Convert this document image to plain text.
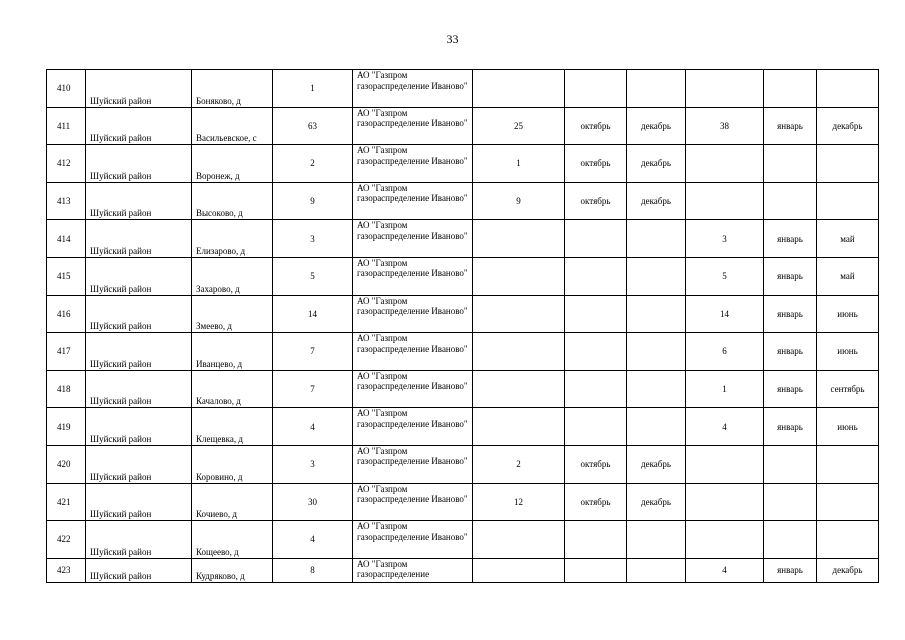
33
410	Шуйский район	Боняково, д	1	АО "Газпром газораспределение Иваново"						
411	Шуйский район	Васильевское, с	63	АО "Газпром газораспределение Иваново"	25	октябрь	декабрь	38	январь	декабрь
412	Шуйский район	Воронеж, д	2	АО "Газпром газораспределение Иваново"	1	октябрь	декабрь			
413	Шуйский район	Высоково, д	9	АО "Газпром газораспределение Иваново"	9	октябрь	декабрь			
414	Шуйский район	Елизарово, д	3	АО "Газпром газораспределение Иваново"				3	январь	май
415	Шуйский район	Захарово, д	5	АО "Газпром газораспределение Иваново"				5	январь	май
416	Шуйский район	Змеево, д	14	АО "Газпром газораспределение Иваново"				14	январь	июнь
417	Шуйский район	Иванцево, д	7	АО "Газпром газораспределение Иваново"				6	январь	июнь
418	Шуйский район	Качалово, д	7	АО "Газпром газораспределение Иваново"				1	январь	сентябрь
419	Шуйский район	Клещевка, д	4	АО "Газпром газораспределение Иваново"				4	январь	июнь
420	Шуйский район	Коровино, д	3	АО "Газпром газораспределение Иваново"	2	октябрь	декабрь			
421	Шуйский район	Кочиево, д	30	АО "Газпром газораспределение Иваново"	12	октябрь	декабрь			
422	Шуйский район	Кощеево, д	4	АО "Газпром газораспределение Иваново"						
423	Шуйский район	Кудряково, д	8	АО "Газпром газораспределение				4	январь	декабрь
